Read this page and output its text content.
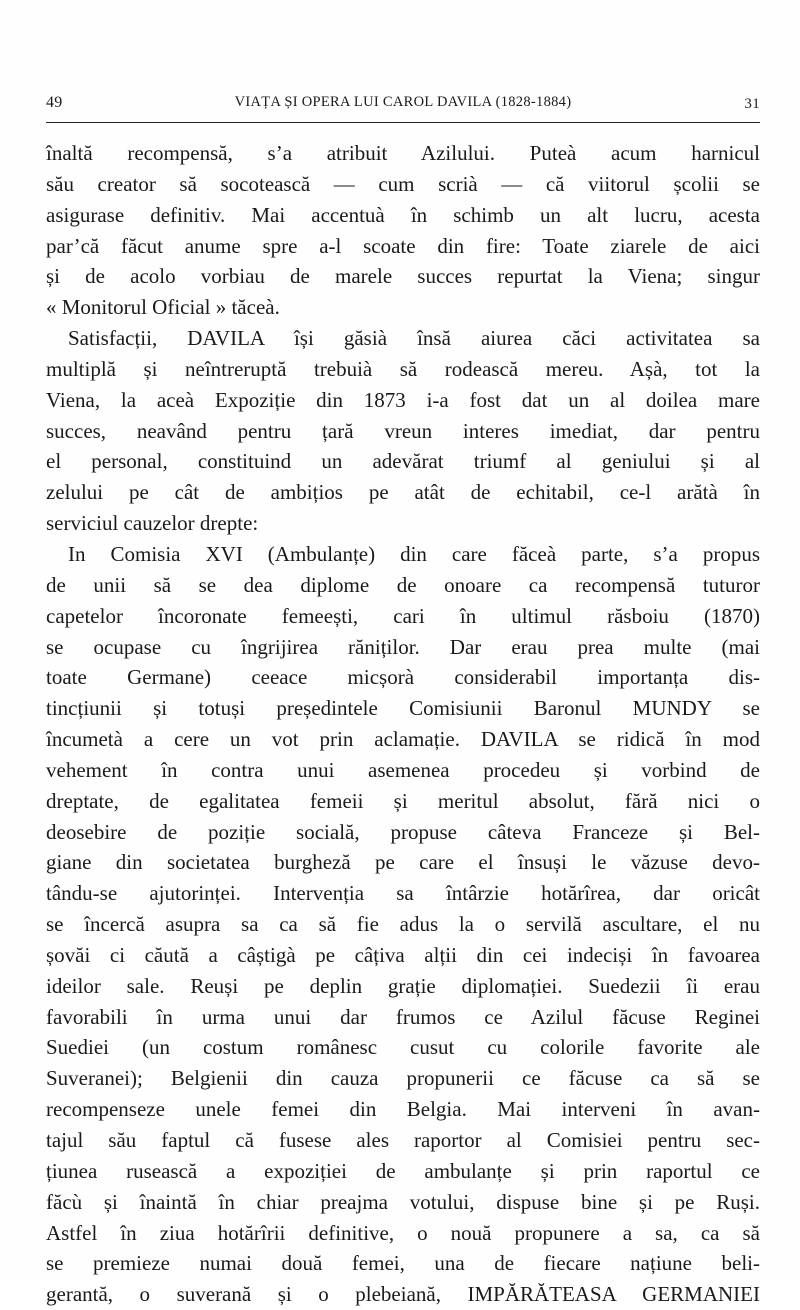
49	VIAȚA ȘI OPERA LUI CAROL DAVILA (1828-1884)	31
înaltă recompensă, s’a atribuit Azilului. Puteà acum harnicul
său creator să socotească — cum scrià — că viitorul școlii se
asigurase definitiv. Mai accentuà în schimb un alt lucru, acesta
par’că făcut anume spre a-l scoate din fire: Toate ziarele de aici
și de acolo vorbiau de marele succes repurtat la Viena; singur
« Monitorul Oficial » tăceà.
Satisfacții, DAVILA își găsià însă aiurea căci activitatea sa
multiplă și neîntreruptă trebuià să rodească mereu. Așà, tot la
Viena, la aceà Expoziție din 1873 i-a fost dat un al doilea mare
succes, neavând pentru țară vreun interes imediat, dar pentru
el personal, constituind un adevărat triumf al geniului și al
zelului pe cât de ambițios pe atât de echitabil, ce-l arătà în
serviciul cauzelor drepte:
In Comisia XVI (Ambulanțe) din care făceà parte, s’a propus
de unii să se dea diplome de onoare ca recompensă tuturor
capetelor încoronate femeești, cari în ultimul răsboiu (1870)
se ocupase cu îngrijirea răniților. Dar erau prea multe (mai
toate Germane) ceeace micșorà considerabil importanța dis-
tincțiunii și totuși președintele Comisiunii Baronul MUNDY se
încumetà a cere un vot prin aclamație. DAVILA se ridică în mod
vehement în contra unui asemenea procedeu și vorbind de
dreptate, de egalitatea femeii și meritul absolut, fără nici o
deosebire de poziție socială, propuse câteva Franceze și Bel-
giane din societatea burgheză pe care el însuși le văzuse devo-
tându-se ajutorinței. Intervenția sa întârzie hotărîrea, dar oricât
se încercă asupra sa ca să fie adus la o servilă ascultare, el nu
șovăi ci căută a câștigà pe câțiva alții din cei indeciși în favoarea
ideilor sale. Reuși pe deplin grație diplomației. Suedezii îi erau
favorabili în urma unui dar frumos ce Azilul făcuse Reginei
Suediei (un costum românesc cusut cu colorile favorite ale
Suveranei); Belgienii din cauza propunerii ce făcuse ca să se
recompenseze unele femei din Belgia. Mai interveni în avan-
tajul său faptul că fusese ales raportor al Comisiei pentru sec-
țiunea rusească a expoziției de ambulanțe și prin raportul ce
făcù și înaintă în chiar preajma votului, dispuse bine și pe Ruși.
Astfel în ziua hotărîrii definitive, o nouă propunere a sa, ca să
se premieze numai două femei, una de fiecare națiune beli-
gerantă, o suverană și o plebeiană, IMPĂRĂTEASA GERMANIEI
